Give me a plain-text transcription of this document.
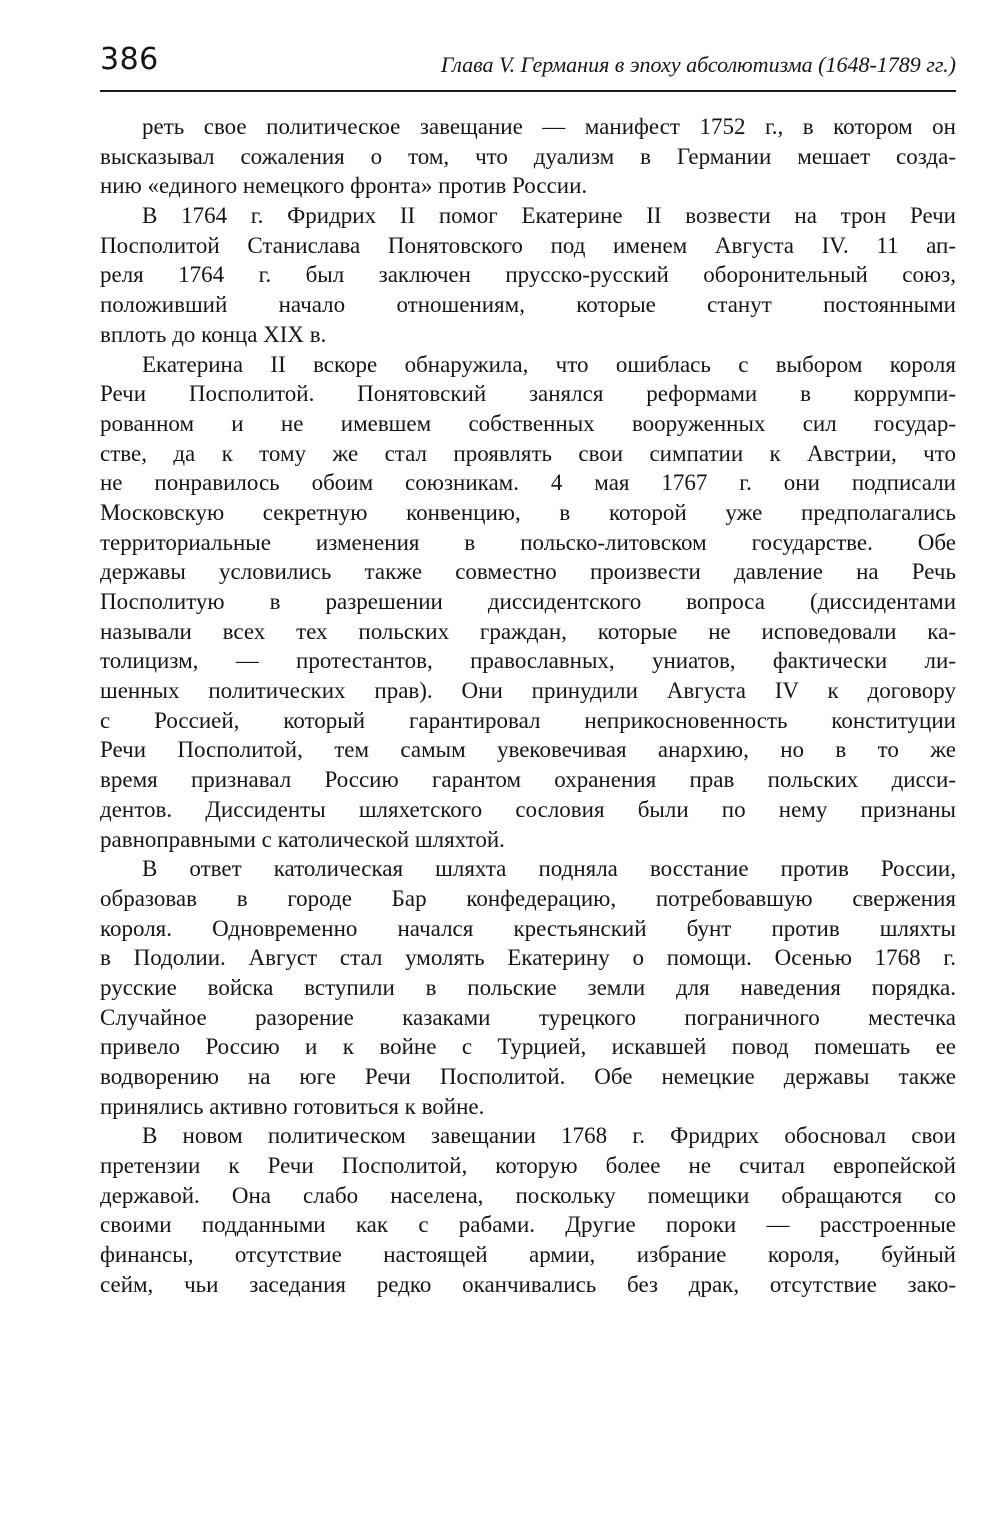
386	Глава V. Германия в эпоху абсолютизма (1648-1789 гг.)

реть свое политическое завещание — манифест 1752 г., в котором он
высказывал сожаления о том, что дуализм в Германии мешает созда-
нию «единого немецкого фронта» против России.

В 1764 г. Фридрих II помог Екатерине II возвести на трон Речи
Посполитой Станислава Понятовского под именем Августа IV. 11 ап-
реля 1764 г. был заключен прусско-русский оборонительный союз,
положивший начало отношениям, которые станут постоянными
вплоть до конца XIX в.

Екатерина II вскоре обнаружила, что ошиблась с выбором короля
Речи Посполитой. Понятовский занялся реформами в коррумпи-
рованном и не имевшем собственных вооруженных сил государ-
стве, да к тому же стал проявлять свои симпатии к Австрии, что
не понравилось обоим союзникам. 4 мая 1767 г. они подписали
Московскую секретную конвенцию, в которой уже предполагались
территориальные изменения в польско-литовском государстве. Обе
державы условились также совместно произвести давление на Речь
Посполитую в разрешении диссидентского вопроса (диссидентами
называли всех тех польских граждан, которые не исповедовали ка-
толицизм, — протестантов, православных, униатов, фактически ли-
шенных политических прав). Они принудили Августа IV к договору
с Россией, который гарантировал неприкосновенность конституции
Речи Посполитой, тем самым увековечивая анархию, но в то же
время признавал Россию гарантом охранения прав польских дисси-
дентов. Диссиденты шляхетского сословия были по нему признаны
равноправными с католической шляхтой.

В ответ католическая шляхта подняла восстание против России,
образовав в городе Бар конфедерацию, потребовавшую свержения
короля. Одновременно начался крестьянский бунт против шляхты
в Подолии. Август стал умолять Екатерину о помощи. Осенью 1768 г.
русские войска вступили в польские земли для наведения порядка.
Случайное разорение казаками турецкого пограничного местечка
привело Россию и к войне с Турцией, искавшей повод помешать ее
водворению на юге Речи Посполитой. Обе немецкие державы также
принялись активно готовиться к войне.

В новом политическом завещании 1768 г. Фридрих обосновал свои
претензии к Речи Посполитой, которую более не считал европейской
державой. Она слабо населена, поскольку помещики обращаются со
своими подданными как с рабами. Другие пороки — расстроенные
финансы, отсутствие настоящей армии, избрание короля, буйный
сейм, чьи заседания редко оканчивались без драк, отсутствие зако-
